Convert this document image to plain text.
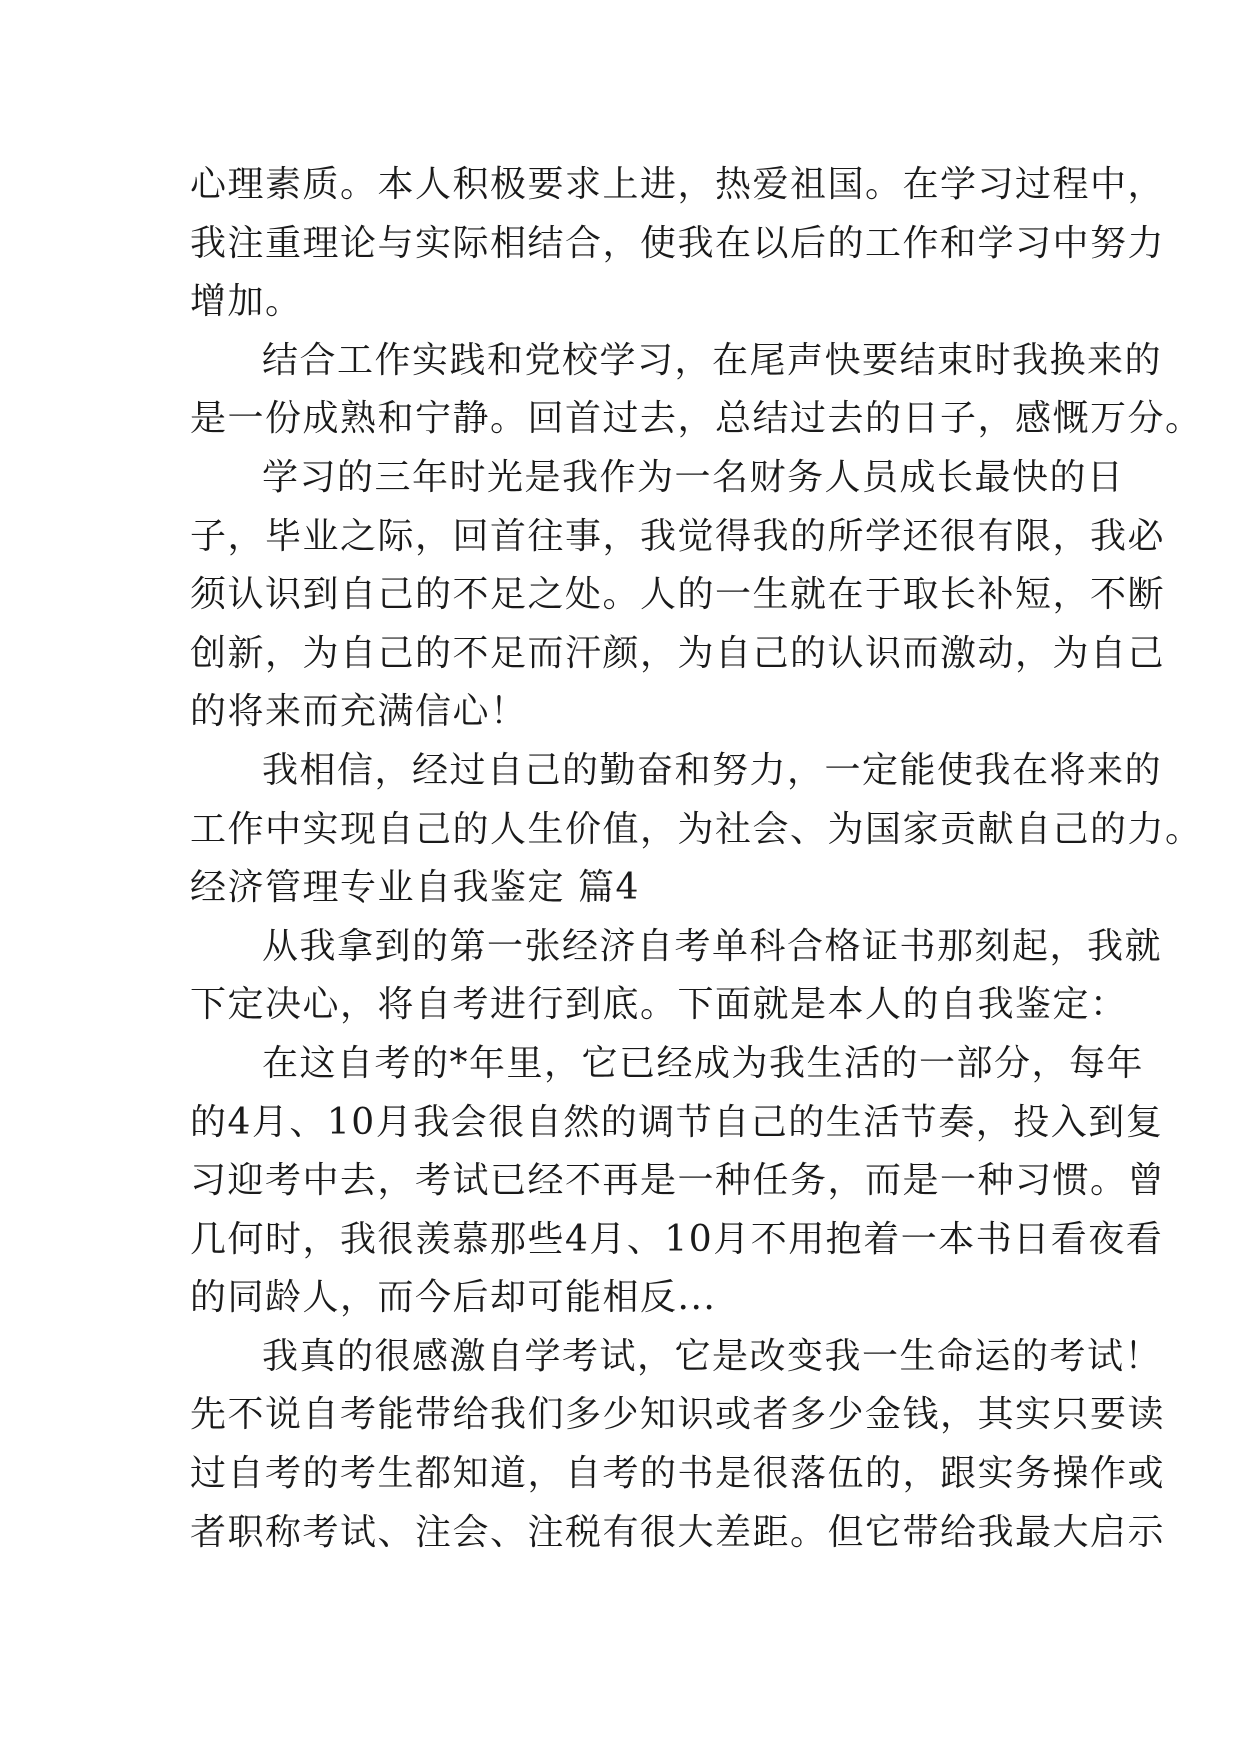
心理素质。本人积极要求上进，热爱祖国。在学习过程中，
我注重理论与实际相结合，使我在以后的工作和学习中努力
增加。
结合工作实践和党校学习，在尾声快要结束时我换来的
是一份成熟和宁静。回首过去，总结过去的日子，感慨万分。
学习的三年时光是我作为一名财务人员成长最快的日
子，毕业之际，回首往事，我觉得我的所学还很有限，我必
须认识到自己的不足之处。人的一生就在于取长补短，不断
创新，为自己的不足而汗颜，为自己的认识而激动，为自己
的将来而充满信心！
我相信，经过自己的勤奋和努力，一定能使我在将来的
工作中实现自己的人生价值，为社会、为国家贡献自己的力。
经济管理专业自我鉴定 篇4
从我拿到的第一张经济自考单科合格证书那刻起，我就
下定决心，将自考进行到底。下面就是本人的自我鉴定：
在这自考的*年里，它已经成为我生活的一部分，每年
的4月、10月我会很自然的调节自己的生活节奏，投入到复
习迎考中去，考试已经不再是一种任务，而是一种习惯。曾
几何时，我很羡慕那些4月、10月不用抱着一本书日看夜看
的同龄人，而今后却可能相反...
我真的很感激自学考试，它是改变我一生命运的考试！
先不说自考能带给我们多少知识或者多少金钱，其实只要读
过自考的考生都知道，自考的书是很落伍的，跟实务操作或
者职称考试、注会、注税有很大差距。但它带给我最大启示
